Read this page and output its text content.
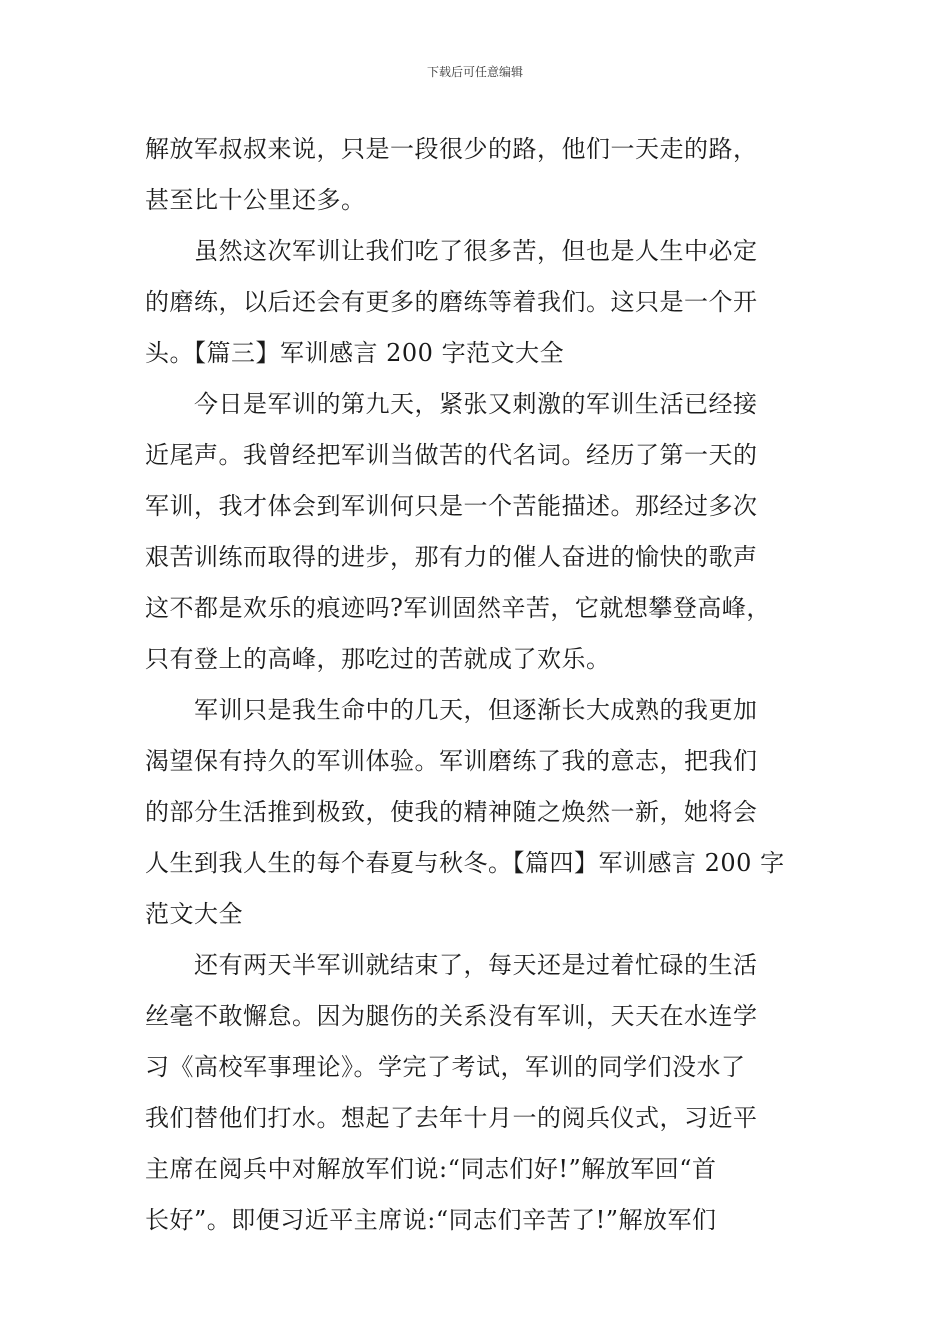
下载后可任意编辑
解放军叔叔来说，只是一段很少的路，他们一天走的路，
甚至比十公里还多。
虽然这次军训让我们吃了很多苦，但也是人生中必定
的磨练，以后还会有更多的磨练等着我们。这只是一个开
头。【篇三】军训感言 200 字范文大全
今日是军训的第九天，紧张又刺激的军训生活已经接
近尾声。我曾经把军训当做苦的代名词。经历了第一天的
军训，我才体会到军训何只是一个苦能描述。那经过多次
艰苦训练而取得的进步，那有力的催人奋进的愉快的歌声
这不都是欢乐的痕迹吗?军训固然辛苦，它就想攀登高峰，
只有登上的高峰，那吃过的苦就成了欢乐。
军训只是我生命中的几天，但逐渐长大成熟的我更加
渴望保有持久的军训体验。军训磨练了我的意志，把我们
的部分生活推到极致，使我的精神随之焕然一新，她将会
人生到我人生的每个春夏与秋冬。【篇四】军训感言 200 字
范文大全
还有两天半军训就结束了，每天还是过着忙碌的生活
丝毫不敢懈怠。因为腿伤的关系没有军训，天天在水连学
习《高校军事理论》。学完了考试，军训的同学们没水了
我们替他们打水。想起了去年十月一的阅兵仪式，习近平
主席在阅兵中对解放军们说:“同志们好!”解放军回“首
长好”。即便习近平主席说:“同志们辛苦了!”解放军们
